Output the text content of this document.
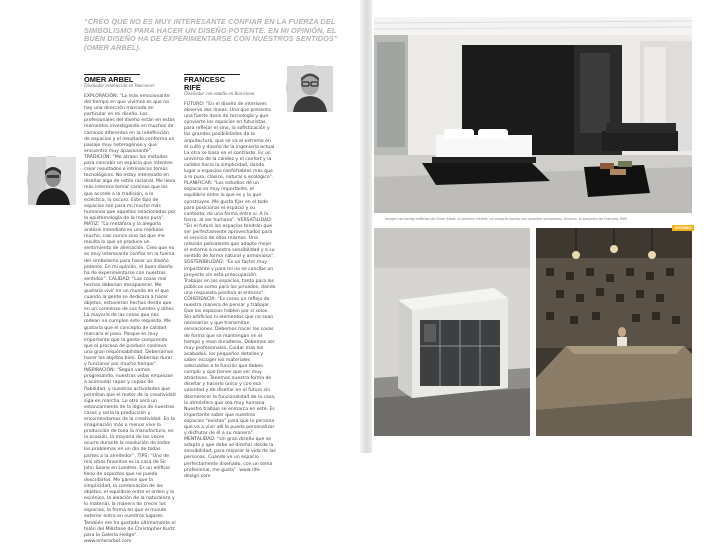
“CREO QUE NO ES MUY INTERESANTE CONFIAR EN LA FUERZA DEL SIMBOLISMO PARA HACER UN DISEÑO POTENTE. EN MI OPINIÓN, EL BUEN DISEÑO HA DE EXPERIMENTARSE CON NUESTROS SENTIDOS” (OMER ARBEL).

OMER ARBEL
Diseñador establecido en Vancouver
EXPLORACIÓN: “La más emocionante del tiempo en que vivimos es que no hay una dirección marcada en particular en mi diseño. Los profesionales del diseño están en estos momentos investigando en muchos de caminos diferentes en la redefinición de espacios y el resultado conforma un paisaje muy heterogéneo y que encuentro muy apasionante”. TRADICIÓN: “Me atraen los métodos para concebir un espacio que intenten crear resultados o intrínsecos tomos tecnológicos. No estoy interesado en diseñar algo de estilo racional. Me lleva más interesa tomar caminos que los que accede a la tradición, a lo ecléctico, lo oscuro. Este tipo de espacios son para mi mucho más humanos que aquellos relacionados por la epistemología de la mano pura”. MATIZ: “La metáfora y la alegoría análisis inmediato es uno módulos mucho, casi nunca sino las que me resulta lo que se produce un sentimiento de alienación. Creo que no es muy interesante confiar en la fuerza del simbolismo para hacer un diseño potente. En mi opinión, el buen diseño ha de experimentarse con nuestros sentidos”. CALIDAD: “Las cosas mal hechas deberian desaparecer. Me gustaría vivir en un mundo en el que cuando la gente se dedicara a hacer objetos, estuvieran hechos desde que en un comienzo de sus fuentes y útiles. La mayoría de las cosas que nos rodean no cumplen este requisito. Me gustaría que el concepto de calidad marcara el paso. Porque es muy importante que la gente comprenda que el proceso de producir conlleva una gran responsabilidad. Deberíamos hacer los objetos bien. Deberían durar y funcionar por mucho tiempo”. INSPIRACIÓN: “Según vamos progresando, nuestras vidas empiezan a acomodar rapas y copias de fiabilidad, y nuestras actividades que permitan que el motor de la creatividad siga en marcha. Lo otro será un estancamiento de la lógica de nuestros casos y sería la producción y encomendamos de la creatividad. En la imaginación más o menos vive la producción de toda la manufactura, en la ocasión, la mayoría de las veces ocurre durante la resolución de todos los problemas en un día de todas partes a la alrededor”. TIPS: “Uno de mis sitios favoritos es la casa de Sir John Soane en Londres. Es un edificio lleno de aspectos que no puedo describirlos. Me parece que la simplicidad, la combinación de los objetos, el equilibrio entre el orden y lo escénico, la aleación de la naturaleza y lo material, la manera de crecer los espacios, la forma en que el mundo exterior entra en nuestros lugares. También me ha gustado últimamente el telón del Millstone de Christopher Kurtz para la Galería Hedge”. www.omerarbel.com
FRANCESC RIFÉ
Diseñador con estudio en Barcelona
FUTURO: “En el diseño de interiores observo dos líneas. Una que presenta una fuerte dosis de tecnología y que convierte los espacios en futuristas, para reflejar el sino, la sofisticación y las grandes posibilidades de la arquitectura, que se va al extremo en el culto y diseño de la ingeniería actual. La otra se basa en el contraste. Es un universo de la calidez y el confort y la calidez hacia la simplicidad, dando lugar a espacios confortables más que a lo puro, clásico, natural o ecológico”. PLANIFICAR: “Los estudios de un espacio es muy importante, el equilibrio entre lo que es y lo que construyes. Me gusta fijar en el todo para posicionar el espacio y su contexto, de una forma entre sí. A la tierra, al ser humano”. VERSATILIDAD: “En el futuro los espacios tendrán que ser perfectamente aprovechados para el servicio de ellos mismos. Una relación polivalente que adapte mejor el entorno a nuestra sensibilidad y a su sentido de forma natural y armoniosa”. SOSTENIBILIDAD: “Es un factor muy importante y para mí no se concibe un proyecto sin esta preocupación. Trabajar en los espacios, tanto para los públicos como para los privados, dando una respuesta positiva al entorno”. COHERENCIA: “Es como un reflejo de nuestra manera de pensar y trabajar. Que los espacios hablen por sí solos. Sin artificios ni elementos que no sean necesarios y que transmitan sensaciones. Debemos hacer las cosas de forma que se mantengan en el tiempo y sean duraderos. Debemos ser muy profesionales. Cuidar más los acabados, los pequeños detalles y saber escoger los materiales adecuados a la función que deben cumplir y que tienen que ser muy atractivos. Tenemos nuestra forma de diseñar y hacerlo único y con esa voluntad y de diseñar en el futuro sin desmerecer la funcionalidad de la casa, la atmósfera que sea muy humana. Nuestro trabajo se enmarca en este. Es importante saber que nuestros espacios “existan” para que la persona que va a vivir allí lo pueda personalizar y disfrutar de él a su manera”. MENTALIDAD: “Un gran diseño que se adapta y que debe se diseñar desde la sensibilidad, para mejorar la vida de las personas. Cuando ve un espacio perfectamente diseñado, con un tema profesional, me gusta”. www.rife-design.com

Imagen de varias edificios de Omer Arbel: el primero Hemet, un espacio nacido con grandes ventanales. Encima, el proyecto de Francesc Rifé.

ESTUDIO
